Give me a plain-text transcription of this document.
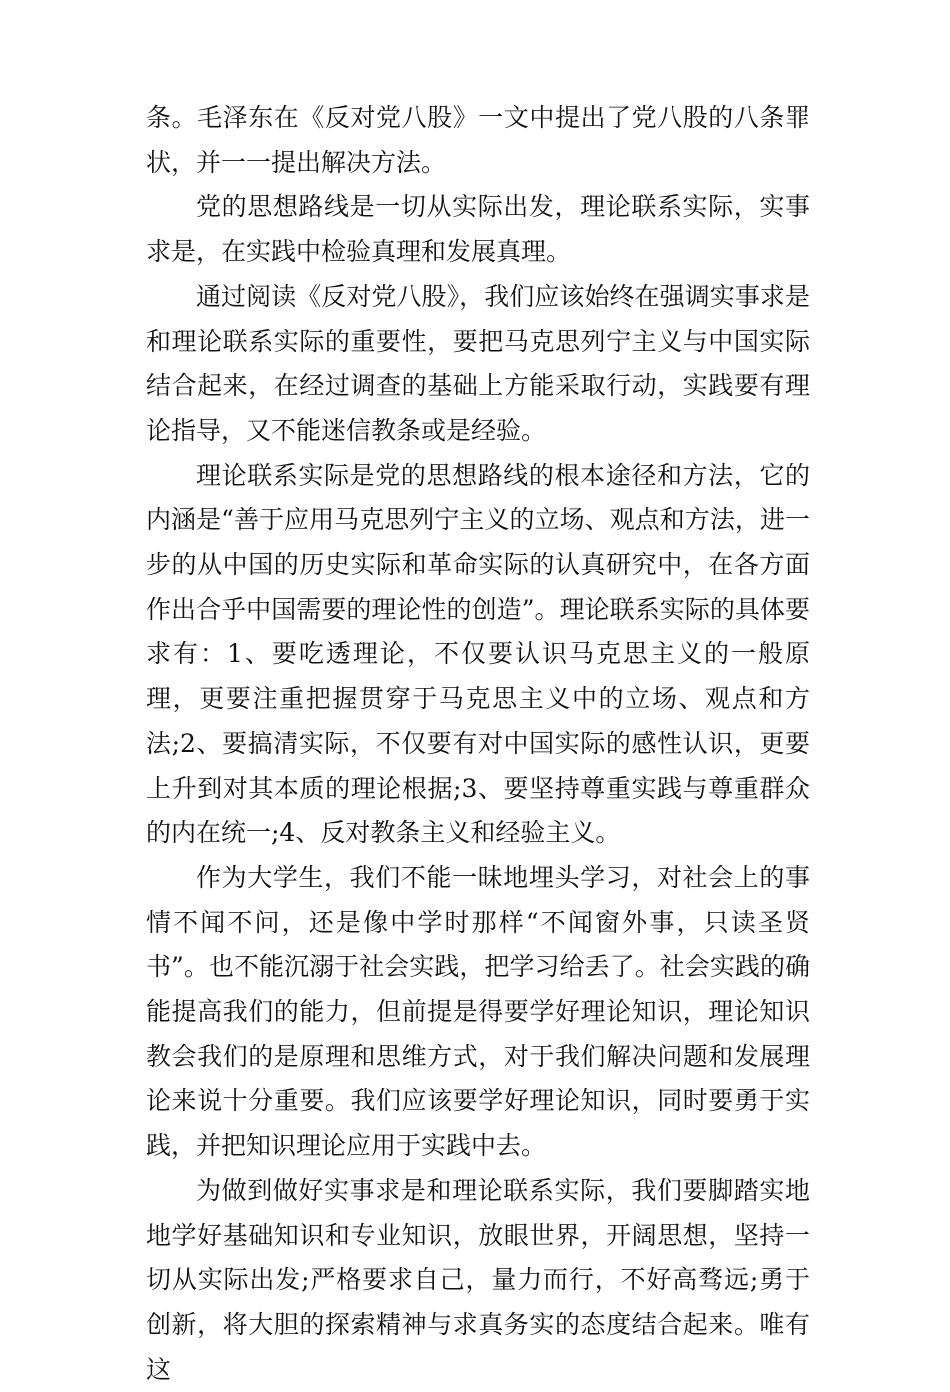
条。毛泽东在《反对党八股》一文中提出了党八股的八条罪状，并一一提出解决方法。

党的思想路线是一切从实际出发，理论联系实际，实事求是，在实践中检验真理和发展真理。

通过阅读《反对党八股》，我们应该始终在强调实事求是和理论联系实际的重要性，要把马克思列宁主义与中国实际结合起来，在经过调查的基础上方能采取行动，实践要有理论指导，又不能迷信教条或是经验。

理论联系实际是党的思想路线的根本途径和方法，它的内涵是“善于应用马克思列宁主义的立场、观点和方法，进一步的从中国的历史实际和革命实际的认真研究中，在各方面作出合乎中国需要的理论性的创造”。理论联系实际的具体要求有：1、要吃透理论，不仅要认识马克思主义的一般原理，更要注重把握贯穿于马克思主义中的立场、观点和方法;2、要搞清实际，不仅要有对中国实际的感性认识，更要上升到对其本质的理论根据;3、要坚持尊重实践与尊重群众的内在统一;4、反对教条主义和经验主义。

作为大学生，我们不能一昧地埋头学习，对社会上的事情不闻不问，还是像中学时那样“不闻窗外事，只读圣贤书”。也不能沉溺于社会实践，把学习给丢了。社会实践的确能提高我们的能力，但前提是得要学好理论知识，理论知识教会我们的是原理和思维方式，对于我们解决问题和发展理论来说十分重要。我们应该要学好理论知识，同时要勇于实践，并把知识理论应用于实践中去。

为做到做好实事求是和理论联系实际，我们要脚踏实地地学好基础知识和专业知识，放眼世界，开阔思想，坚持一切从实际出发;严格要求自己，量力而行，不好高骛远;勇于创新，将大胆的探索精神与求真务实的态度结合起来。唯有这
